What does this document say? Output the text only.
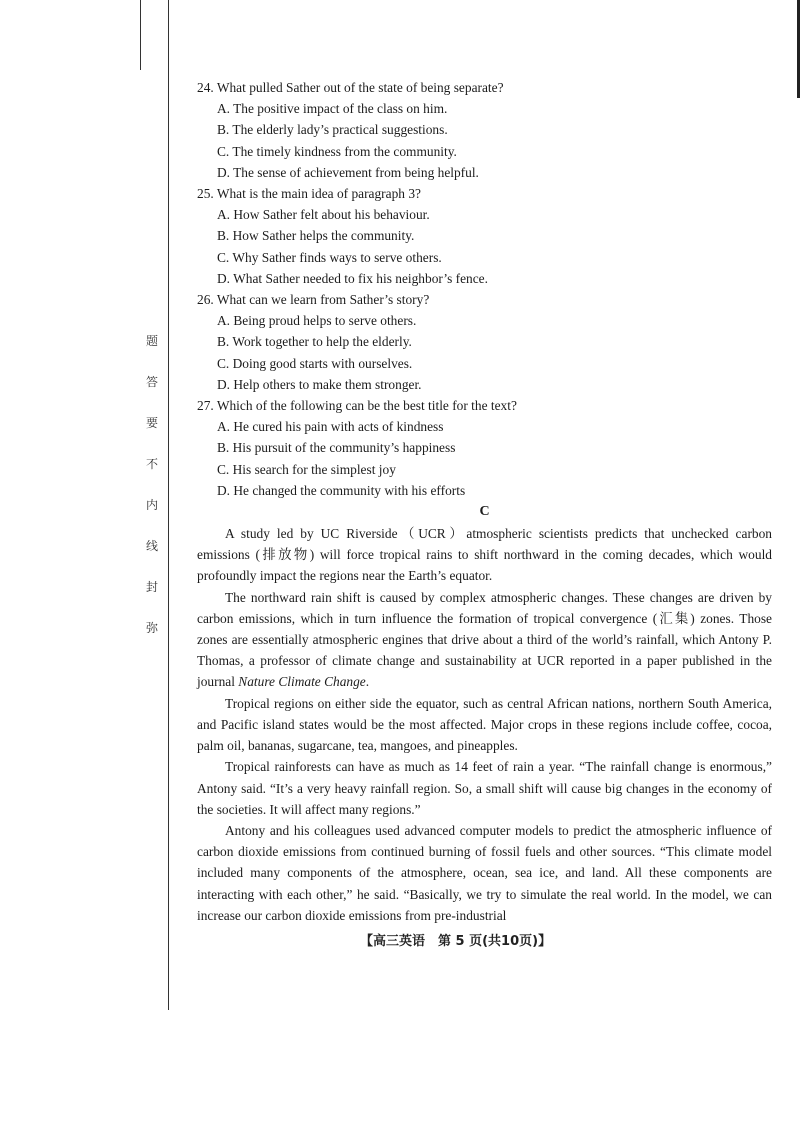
题
答
要
不
内
线
封
弥
24. What pulled Sather out of the state of being separate?
A. The positive impact of the class on him.
B. The elderly lady’s practical suggestions.
C. The timely kindness from the community.
D. The sense of achievement from being helpful.
25. What is the main idea of paragraph 3?
A. How Sather felt about his behaviour.
B. How Sather helps the community.
C. Why Sather finds ways to serve others.
D. What Sather needed to fix his neighbor’s fence.
26. What can we learn from Sather’s story?
A. Being proud helps to serve others.
B. Work together to help the elderly.
C. Doing good starts with ourselves.
D. Help others to make them stronger.
27. Which of the following can be the best title for the text?
A. He cured his pain with acts of kindness
B. His pursuit of the community’s happiness
C. His search for the simplest joy
D. He changed the community with his efforts
C

A study led by UC Riverside（UCR）atmospheric scientists predicts that unchecked carbon emissions (排放物) will force tropical rains to shift northward in the coming decades, which would profoundly impact the regions near the Earth’s equator.

The northward rain shift is caused by complex atmospheric changes. These changes are driven by carbon emissions, which in turn influence the formation of tropical convergence (汇集) zones. Those zones are essentially atmospheric engines that drive about a third of the world’s rainfall, which Antony P. Thomas, a professor of climate change and sustainability at UCR reported in a paper published in the journal Nature Climate Change.

Tropical regions on either side the equator, such as central African nations, northern South America, and Pacific island states would be the most affected. Major crops in these regions include coffee, cocoa, palm oil, bananas, sugarcane, tea, mangoes, and pineapples.

Tropical rainforests can have as much as 14 feet of rain a year. “The rainfall change is enormous,” Antony said. “It’s a very heavy rainfall region. So, a small shift will cause big changes in the economy of the societies. It will affect many regions.”

Antony and his colleagues used advanced computer models to predict the atmospheric influence of carbon dioxide emissions from continued burning of fossil fuels and other sources. “This climate model included many components of the atmosphere, ocean, sea ice, and land. All these components are interacting with each other,” he said. “Basically, we try to simulate the real world. In the model, we can increase our carbon dioxide emissions from pre-industrial

【高三英语　第 5 页(共10页)】
